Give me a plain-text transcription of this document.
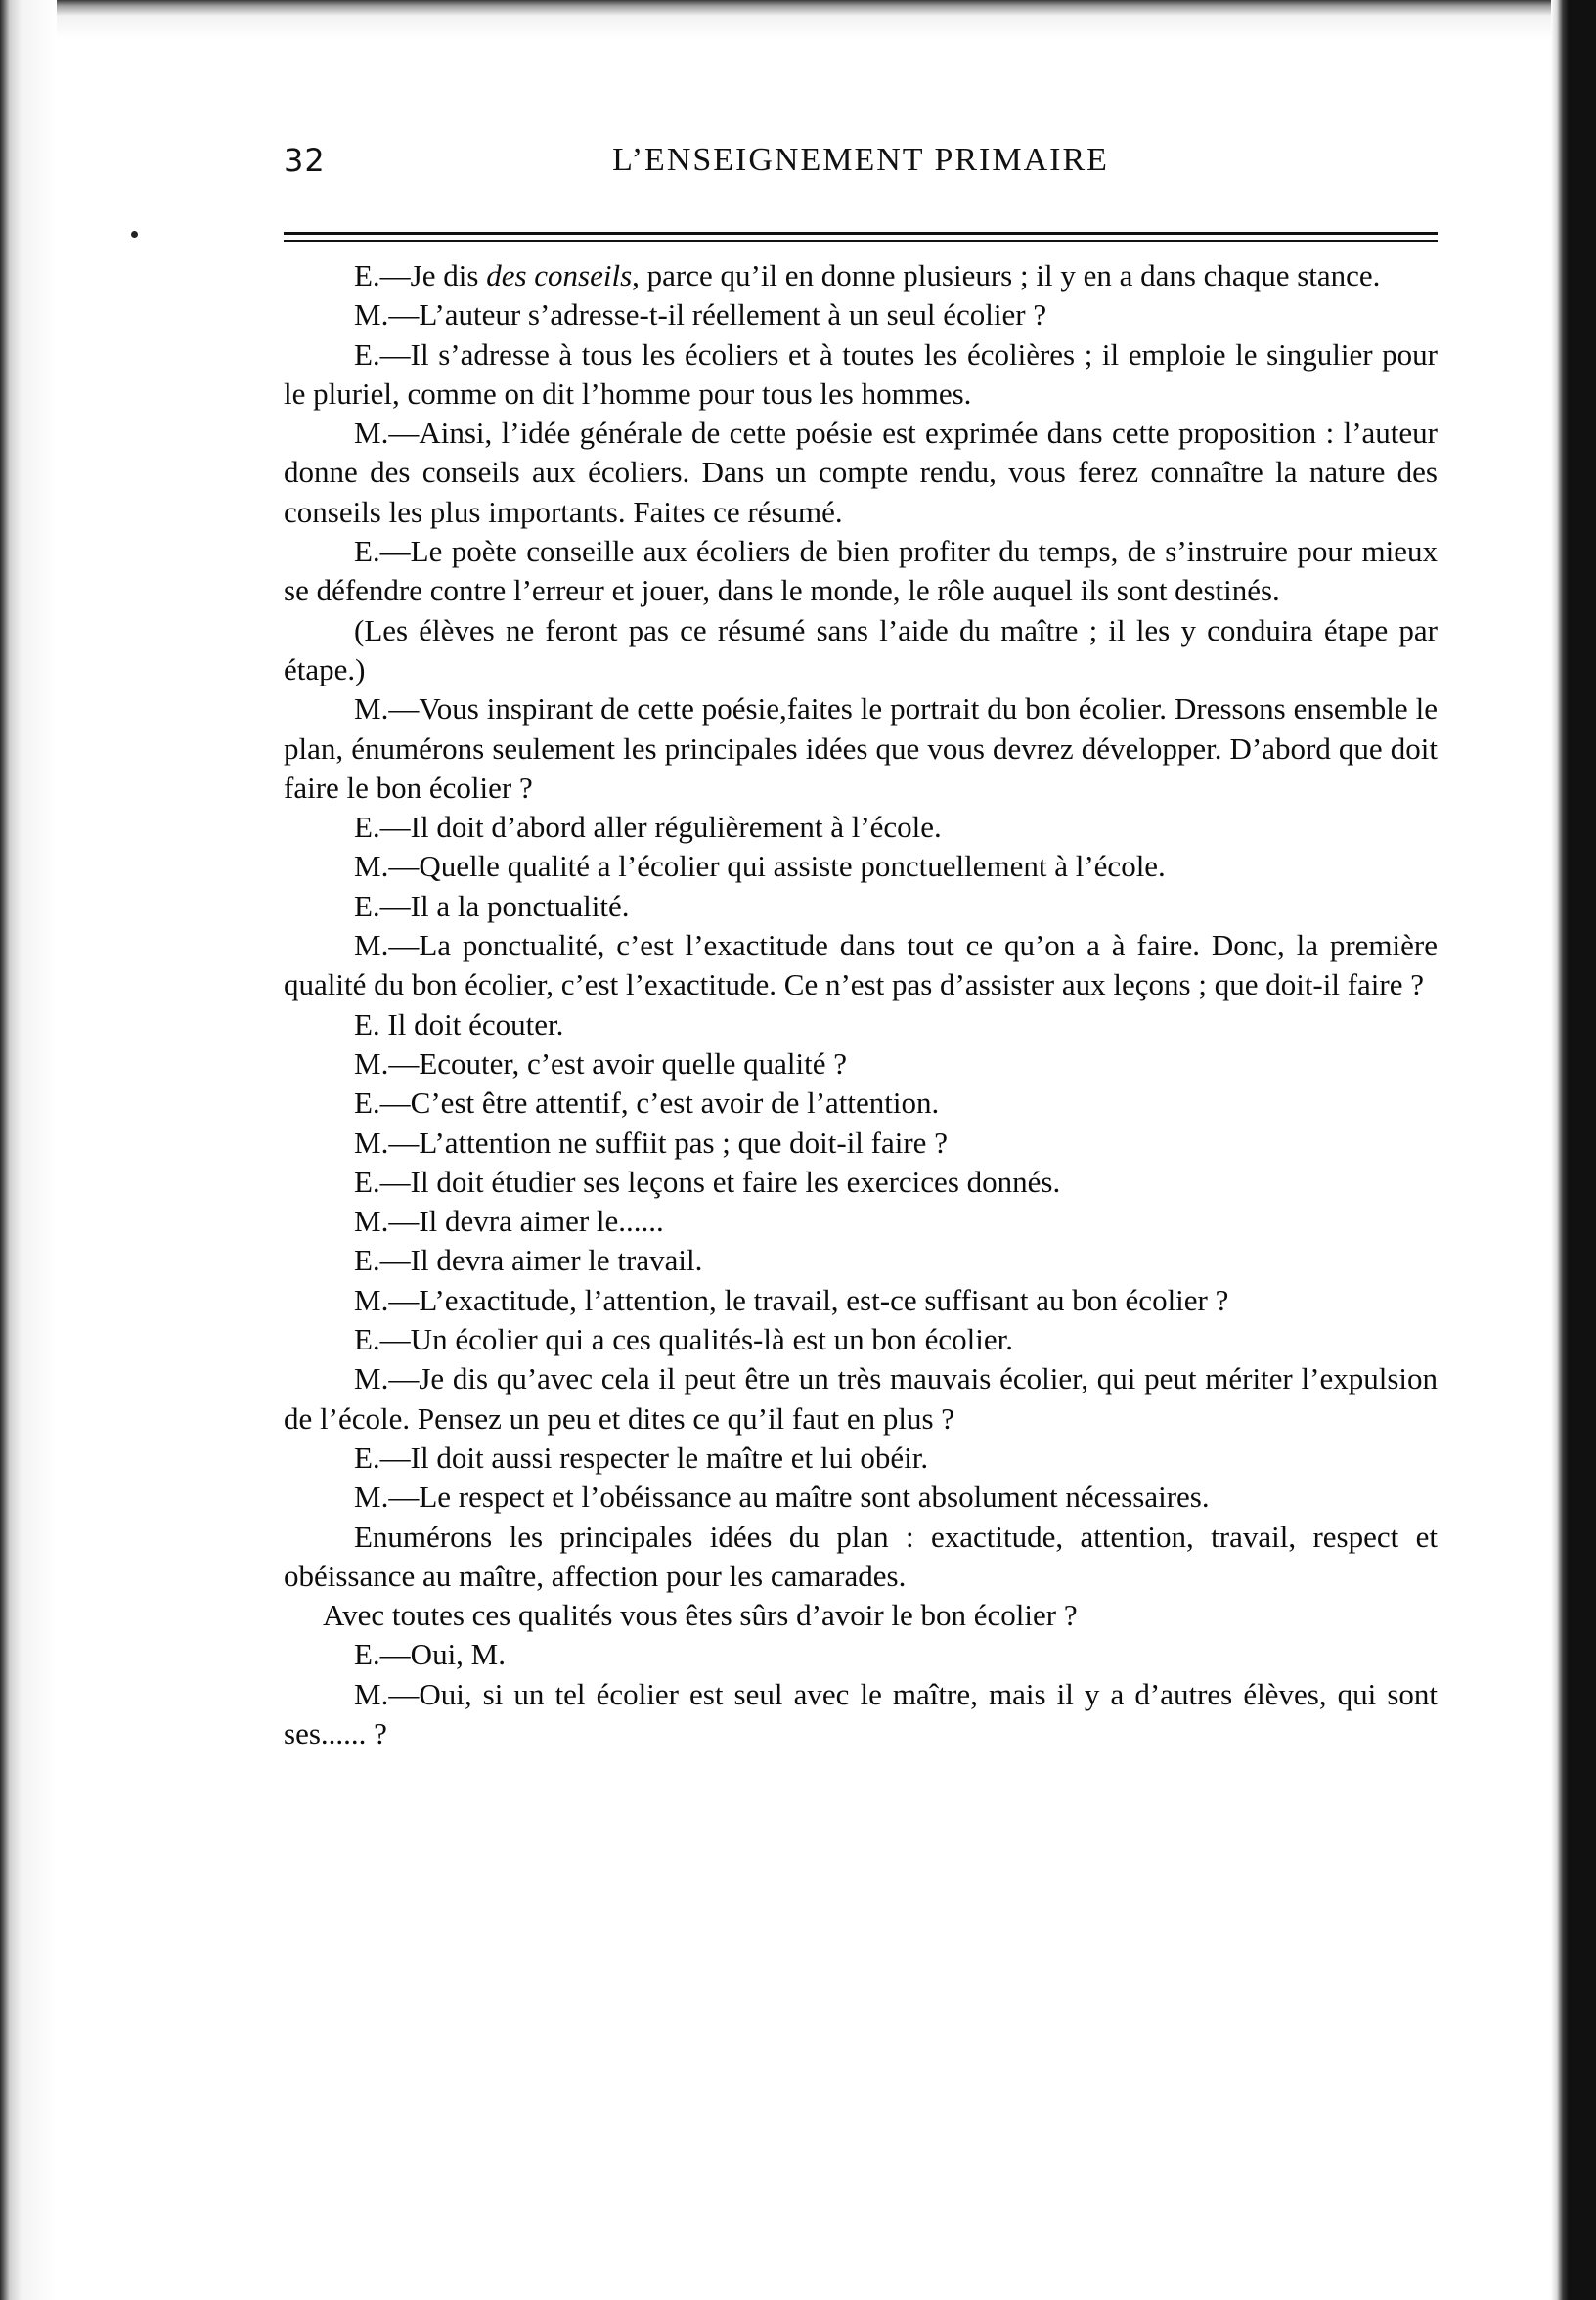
32	L’ENSEIGNEMENT PRIMAIRE

E.—Je dis des conseils, parce qu’il en donne plusieurs ; il y en a dans chaque stance.

M.—L’auteur s’adresse-t-il réellement à un seul écolier ?

E.—Il s’adresse à tous les écoliers et à toutes les écolières ; il emploie le singulier pour le pluriel, comme on dit l’homme pour tous les hommes.

M.—Ainsi, l’idée générale de cette poésie est exprimée dans cette proposition : l’auteur donne des conseils aux écoliers. Dans un compte rendu, vous ferez connaître la nature des conseils les plus importants. Faites ce résumé.

E.—Le poète conseille aux écoliers de bien profiter du temps, de s’instruire pour mieux se défendre contre l’erreur et jouer, dans le monde, le rôle auquel ils sont destinés.

(Les élèves ne feront pas ce résumé sans l’aide du maître ; il les y conduira étape par étape.)

M.—Vous inspirant de cette poésie,faites le portrait du bon écolier. Dressons ensemble le plan, énumérons seulement les principales idées que vous devrez développer. D’abord que doit faire le bon écolier ?

E.—Il doit d’abord aller régulièrement à l’école.

M.—Quelle qualité a l’écolier qui assiste ponctuellement à l’école.

E.—Il a la ponctualité.

M.—La ponctualité, c’est l’exactitude dans tout ce qu’on a à faire. Donc, la première qualité du bon écolier, c’est l’exactitude. Ce n’est pas d’assister aux leçons ; que doit-il faire ?

E. Il doit écouter.

M.—Ecouter, c’est avoir quelle qualité ?

E.—C’est être attentif, c’est avoir de l’attention.

M.—L’attention ne suffiit pas ; que doit-il faire ?

E.—Il doit étudier ses leçons et faire les exercices donnés.

M.—Il devra aimer le......

E.—Il devra aimer le travail.

M.—L’exactitude, l’attention, le travail, est-ce suffisant au bon écolier ?

E.—Un écolier qui a ces qualités-là est un bon écolier.

M.—Je dis qu’avec cela il peut être un très mauvais écolier, qui peut mériter l’expulsion de l’école. Pensez un peu et dites ce qu’il faut en plus ?

E.—Il doit aussi respecter le maître et lui obéir.

M.—Le respect et l’obéissance au maître sont absolument nécessaires.

Enumérons les principales idées du plan : exactitude, attention, travail, respect et obéissance au maître, affection pour les camarades.

Avec toutes ces qualités vous êtes sûrs d’avoir le bon écolier ?

E.—Oui, M.

M.—Oui, si un tel écolier est seul avec le maître, mais il y a d’autres élèves, qui sont ses...... ?
